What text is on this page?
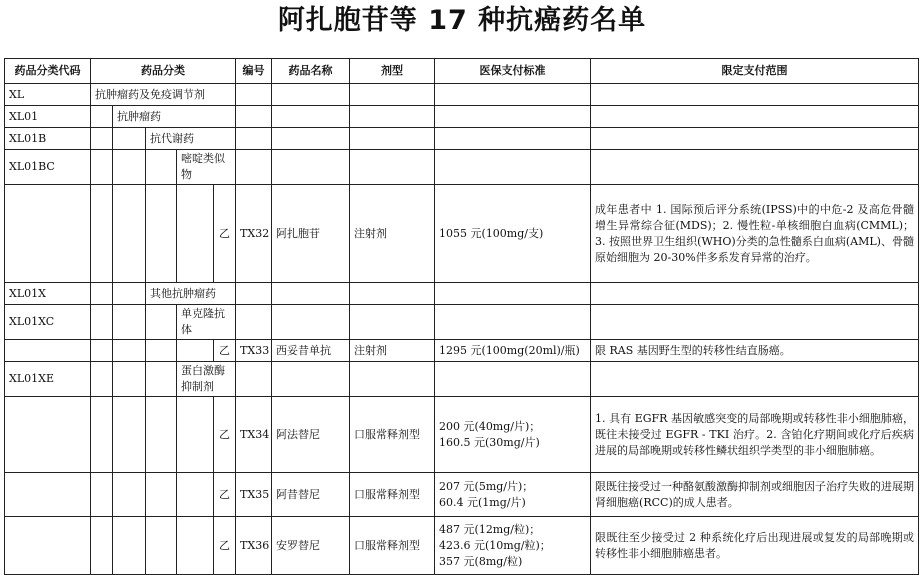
阿扎胞苷等 17 种抗癌药名单
药品分类代码	药品分类					编号	药品名称	剂型	医保支付标准	限定支付范围
XL	抗肿瘤药及免疫调节剂									
XL01		抗肿瘤药								
XL01B			抗代谢药							
XL01BC				嘧啶类似物						
					乙	TX32	阿扎胞苷	注射剂	1055 元(100mg/支)	成年患者中 1. 国际预后评分系统(IPSS)中的中危-2 及高危骨髓增生异常综合征(MDS)；2. 慢性粒-单核细胞白血病(CMML)；3. 按照世界卫生组织(WHO)分类的急性髓系白血病(AML)、骨髓原始细胞为 20-30%伴多系发育异常的治疗。
XL01X			其他抗肿瘤药							
XL01XC				单克隆抗体						
					乙	TX33	西妥昔单抗	注射剂	1295 元(100mg(20ml)/瓶)	限 RAS 基因野生型的转移性结直肠癌。
XL01XE				蛋白激酶抑制剂						
					乙	TX34	阿法替尼	口服常释剂型	200 元(40mg/片)；
160.5 元(30mg/片)	1. 具有 EGFR 基因敏感突变的局部晚期或转移性非小细胞肺癌，既往未接受过 EGFR - TKI 治疗。2. 含铂化疗期间或化疗后疾病进展的局部晚期或转移性鳞状组织学类型的非小细胞肺癌。
					乙	TX35	阿昔替尼	口服常释剂型	207 元(5mg/片)；
60.4 元(1mg/片)	限既往接受过一种酪氨酸激酶抑制剂或细胞因子治疗失败的进展期肾细胞癌(RCC)的成人患者。
					乙	TX36	安罗替尼	口服常释剂型	487 元(12mg/粒)；
423.6 元(10mg/粒)；
357 元(8mg/粒)	限既往至少接受过 2 种系统化疗后出现进展或复发的局部晚期或转移性非小细胞肺癌患者。
